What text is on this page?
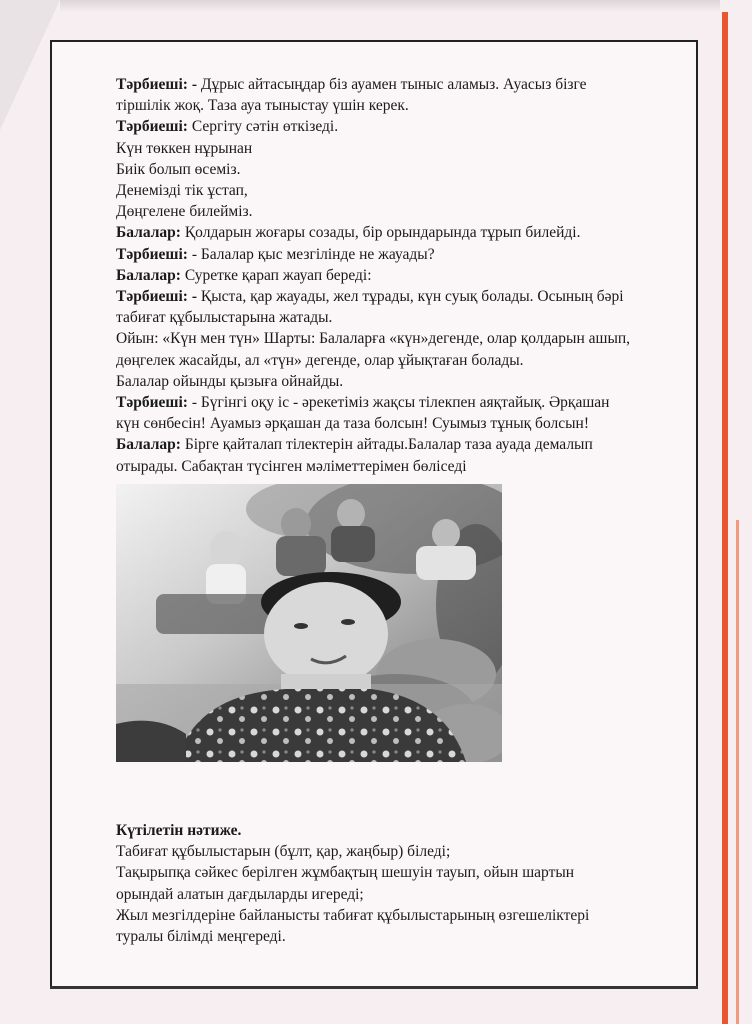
Тәрбиеші: - Дұрыс айтасыңдар біз ауамен тыныс аламыз. Ауасыз бізге

тіршілік жоқ. Таза ауа тыныстау үшін керек.

Тәрбиеші: Сергіту сәтін өткізеді.

Күн төккен нұрынан

Биік болып өсеміз.

Денемізді тік ұстап,

Дөңгелене билейміз.

Балалар: Қолдарын жоғары созады, бір орындарында тұрып билейді.

Тәрбиеші: - Балалар қыс мезгілінде не жауады?

Балалар: Суретке қарап жауап береді:

Тәрбиеші: - Қыста, қар жауады, жел тұрады, күн суық болады. Осының бәрі

табиғат құбылыстарына жатады.

Ойын: «Күн мен түн» Шарты: Балаларға «күн»дегенде, олар қолдарын ашып,

дөңгелек жасайды, ал «түн» дегенде, олар ұйықтаған болады.

Балалар ойынды қызыға ойнайды.

Тәрбиеші: - Бүгінгі оқу іс - әрекетіміз жақсы тілекпен аяқтайық. Әрқашан

күн сөнбесін! Ауамыз әрқашан да таза болсын! Суымыз тұнық болсын!

Балалар: Бірге қайталап тілектерін айтады.Балалар таза ауада демалып

отырады. Сабақтан түсінген мәліметтерімен бөліседі

Күтілетін нәтиже.

Табиғат құбылыстарын (бұлт, қар, жаңбыр) біледі;

Тақырыпқа сәйкес берілген жұмбақтың шешуін тауып, ойын шартын

орындай алатын дағдыларды игереді;

Жыл мезгілдеріне байланысты табиғат құбылыстарының өзгешеліктері

туралы білімді меңгереді.
